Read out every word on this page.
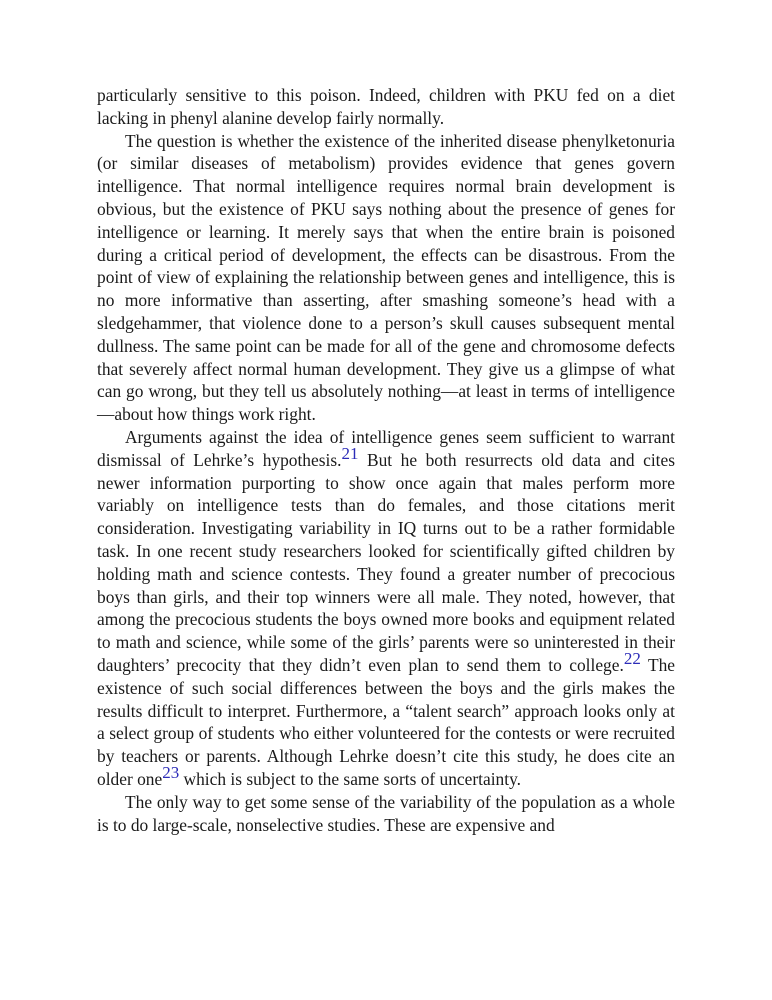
particularly sensitive to this poison. Indeed, children with PKU fed on a diet lacking in phenyl alanine develop fairly normally.

The question is whether the existence of the inherited disease phenylketonuria (or similar diseases of metabolism) provides evidence that genes govern intelligence. That normal intelligence requires normal brain development is obvious, but the existence of PKU says nothing about the presence of genes for intelligence or learning. It merely says that when the entire brain is poisoned during a critical period of development, the effects can be disastrous. From the point of view of explaining the relationship between genes and intelligence, this is no more informative than asserting, after smashing someone’s head with a sledgehammer, that violence done to a person’s skull causes subsequent mental dullness. The same point can be made for all of the gene and chromosome defects that severely affect normal human development. They give us a glimpse of what can go wrong, but they tell us absolutely nothing—at least in terms of intelligence—about how things work right.

Arguments against the idea of intelligence genes seem sufficient to warrant dismissal of Lehrke’s hypothesis.21 But he both resurrects old data and cites newer information purporting to show once again that males perform more variably on intelligence tests than do females, and those citations merit consideration. Investigating variability in IQ turns out to be a rather formidable task. In one recent study researchers looked for scientifically gifted children by holding math and science contests. They found a greater number of precocious boys than girls, and their top winners were all male. They noted, however, that among the precocious students the boys owned more books and equipment related to math and science, while some of the girls’ parents were so uninterested in their daughters’ precocity that they didn’t even plan to send them to college.22 The existence of such social differences between the boys and the girls makes the results difficult to interpret. Furthermore, a “talent search” approach looks only at a select group of students who either volunteered for the contests or were recruited by teachers or parents. Although Lehrke doesn’t cite this study, he does cite an older one23 which is subject to the same sorts of uncertainty.

The only way to get some sense of the variability of the population as a whole is to do large-scale, nonselective studies. These are expensive and
